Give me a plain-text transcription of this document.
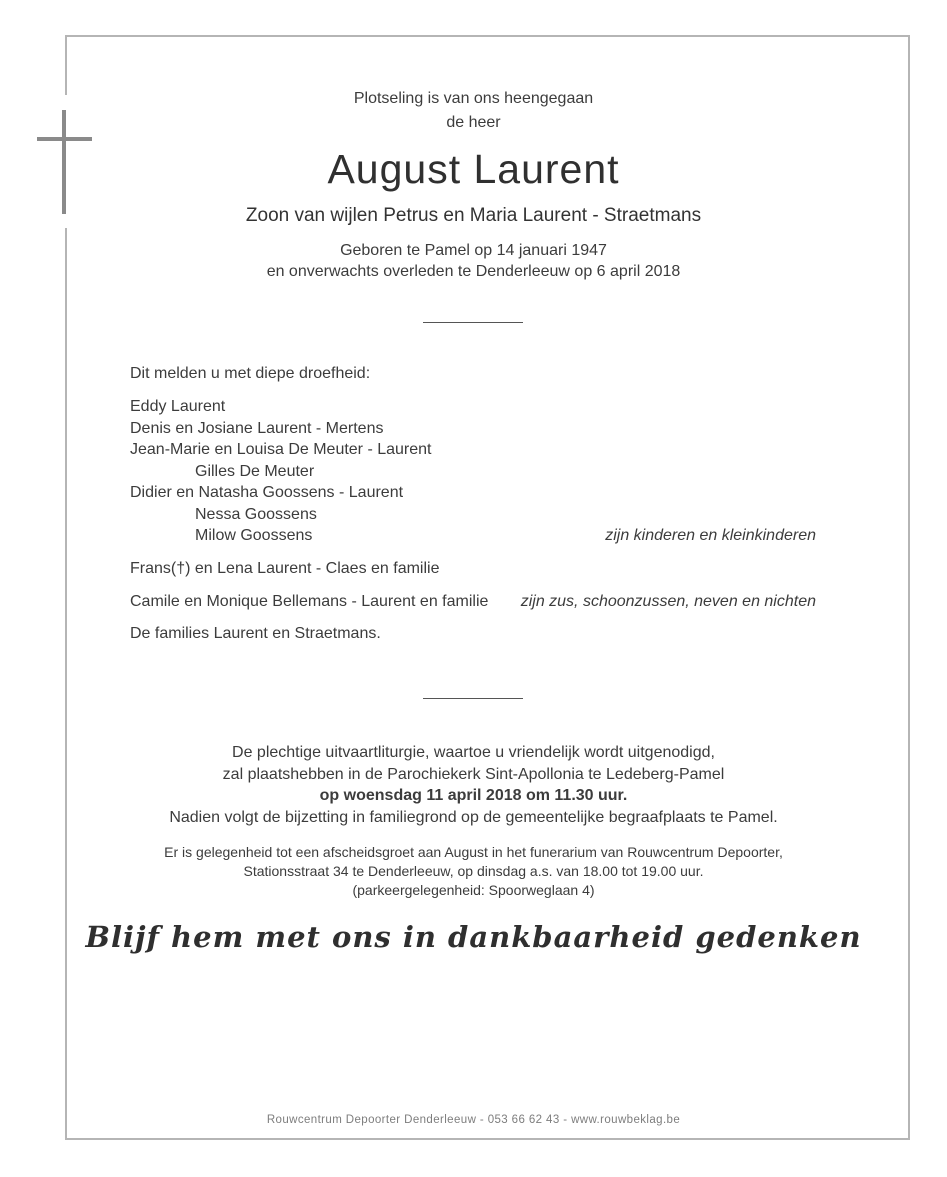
Plotseling is van ons heengegaan
de heer
August Laurent
Zoon van wijlen Petrus en Maria Laurent - Straetmans
Geboren te Pamel op 14 januari 1947
en onverwachts overleden te Denderleeuw op 6 april 2018
Dit melden u met diepe droefheid:
Eddy Laurent
Denis en Josiane Laurent - Mertens
Jean-Marie en Louisa De Meuter - Laurent
Gilles De Meuter
Didier en Natasha Goossens - Laurent
Nessa Goossens
Milow Goossens	zijn kinderen en kleinkinderen
Frans(†) en Lena Laurent - Claes en familie
Camile en Monique Bellemans - Laurent en familie zijn zus, schoonzussen, neven en nichten
De families Laurent en Straetmans.
De plechtige uitvaartliturgie, waartoe u vriendelijk wordt uitgenodigd,
zal plaatshebben in de Parochiekerk Sint-Apollonia te Ledeberg-Pamel
op woensdag 11 april 2018 om 11.30 uur.
Nadien volgt de bijzetting in familiegrond op de gemeentelijke begraafplaats te Pamel.
Er is gelegenheid tot een afscheidsgroet aan August in het funerarium van Rouwcentrum Depoorter,
Stationsstraat 34 te Denderleeuw, op dinsdag a.s. van 18.00 tot 19.00 uur.
(parkeergelegenheid: Spoorweglaan 4)
Blijf hem met ons in dankbaarheid gedenken
Rouwcentrum Depoorter Denderleeuw - 053 66 62 43 - www.rouwbeklag.be
